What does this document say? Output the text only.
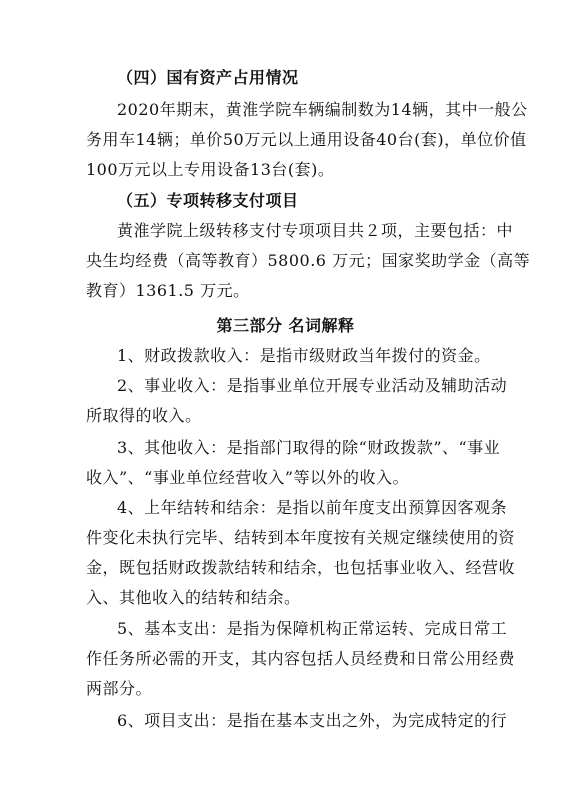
（四）国有资产占用情况
2020年期末，黄淮学院车辆编制数为14辆，其中一般公
务用车14辆；单价50万元以上通用设备40台(套)，单位价值
100万元以上专用设备13台(套)。
（五）专项转移支付项目
黄淮学院上级转移支付专项项目共２项，主要包括：中
央生均经费（高等教育）5800.6 万元；国家奖助学金（高等
教育）1361.5 万元。
第三部分 名词解释
1、财政拨款收入：是指市级财政当年拨付的资金。
2、事业收入：是指事业单位开展专业活动及辅助活动
所取得的收入。
3、其他收入：是指部门取得的除“财政拨款”、“事业
收入”、“事业单位经营收入”等以外的收入。
4、上年结转和结余：是指以前年度支出预算因客观条
件变化未执行完毕、结转到本年度按有关规定继续使用的资
金，既包括财政拨款结转和结余，也包括事业收入、经营收
入、其他收入的结转和结余。
5、基本支出：是指为保障机构正常运转、完成日常工
作任务所必需的开支，其内容包括人员经费和日常公用经费
两部分。
6、项目支出：是指在基本支出之外，为完成特定的行
